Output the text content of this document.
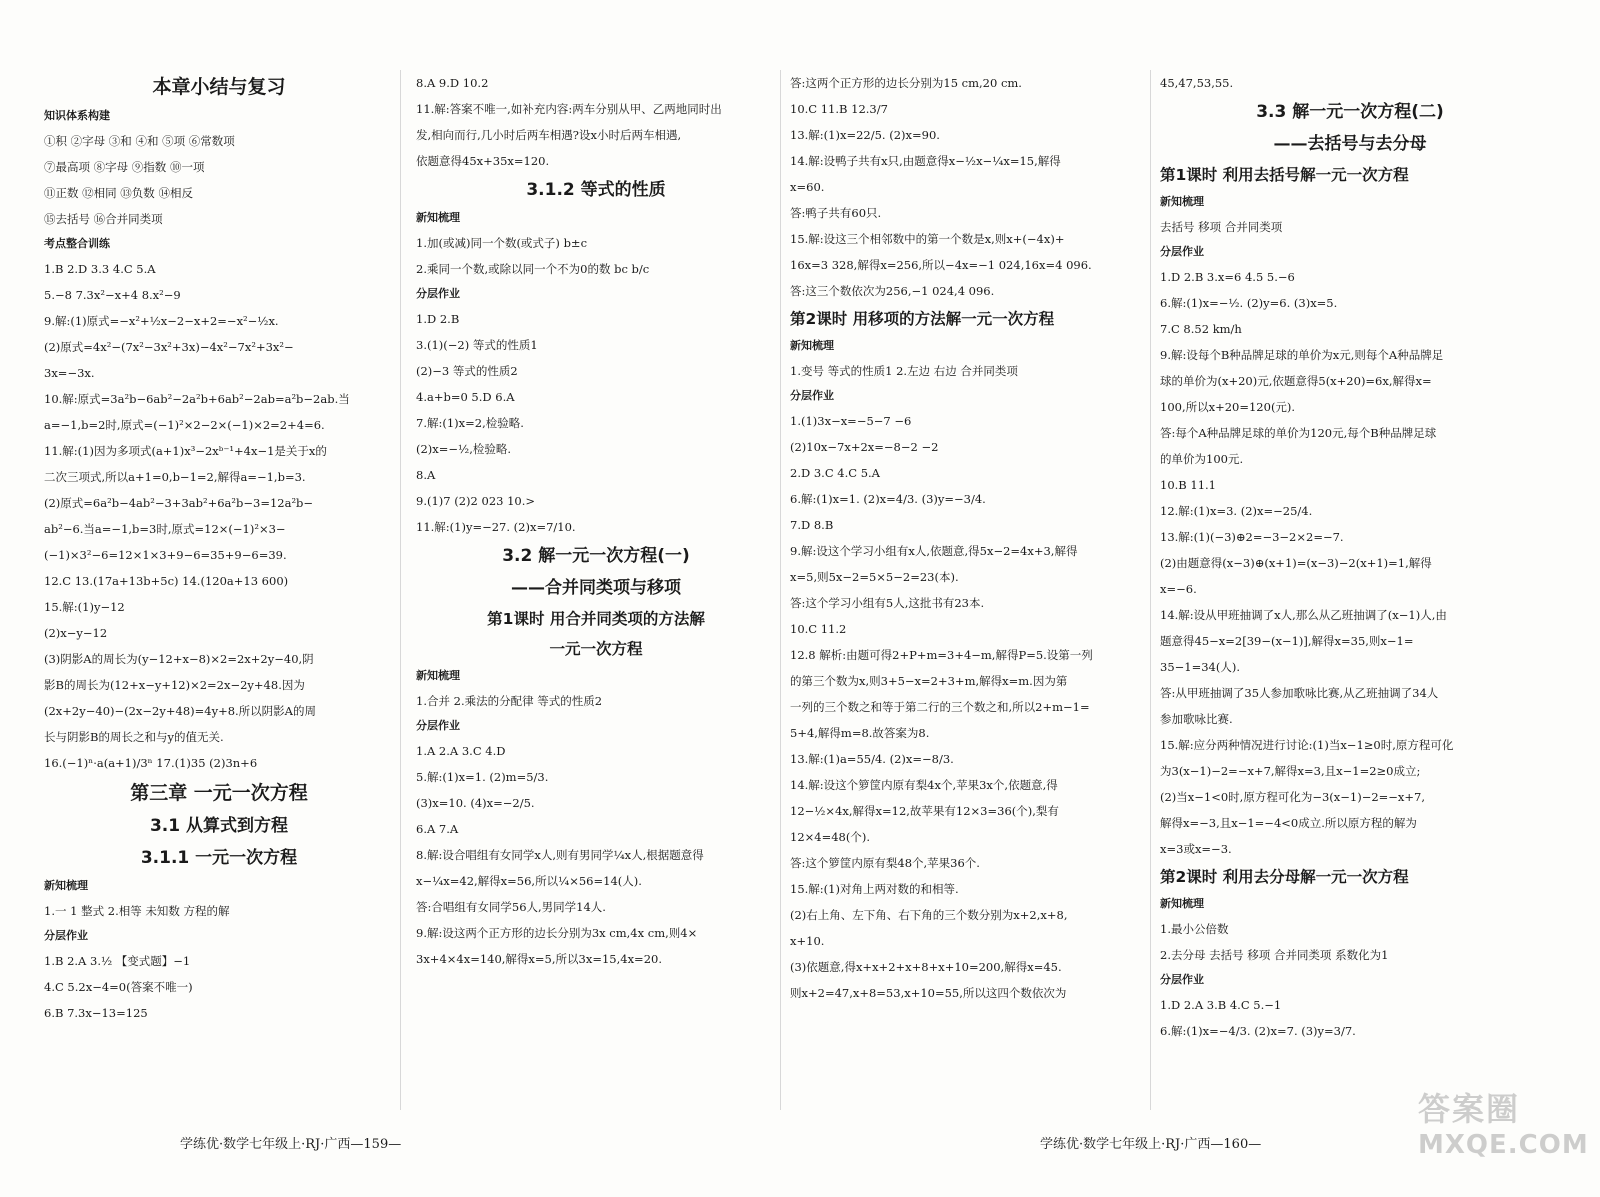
本章小结与复习
知识体系构建
①积 ②字母 ③和 ④和 ⑤项 ⑥常数项
⑦最高项 ⑧字母 ⑨指数 ⑩一项
⑪正数 ⑫相同 ⑬负数 ⑭相反
⑮去括号 ⑯合并同类项
考点整合训练
1.B 2.D 3.3 4.C 5.A
5.−8 7.3x²−x+4 8.x²−9
9.解:(1)原式=−x²+½x−2−x+2=−x²−½x.
(2)原式=4x²−(7x²−3x²+3x)−4x²−7x²+3x²−
3x=−3x.
10.解:原式=3a²b−6ab²−2a²b+6ab²−2ab=a²b−2ab.当
a=−1,b=2时,原式=(−1)²×2−2×(−1)×2=2+4=6.
11.解:(1)因为多项式(a+1)x³−2xᵇ⁻¹+4x−1是关于x的
二次三项式,所以a+1=0,b−1=2,解得a=−1,b=3.
(2)原式=6a²b−4ab²−3+3ab²+6a²b−3=12a²b−
ab²−6.当a=−1,b=3时,原式=12×(−1)²×3−
(−1)×3²−6=12×1×3+9−6=35+9−6=39.
12.C 13.(17a+13b+5c) 14.(120a+13 600)
15.解:(1)y−12
(2)x−y−12
(3)阴影A的周长为(y−12+x−8)×2=2x+2y−40,阴
影B的周长为(12+x−y+12)×2=2x−2y+48.因为
(2x+2y−40)−(2x−2y+48)=4y+8.所以阴影A的周
长与阴影B的周长之和与y的值无关.
16.(−1)ⁿ·a(a+1)/3ⁿ 17.(1)35 (2)3n+6
第三章 一元一次方程
3.1 从算式到方程
3.1.1 一元一次方程
新知梳理
1.一 1 整式 2.相等 未知数 方程的解
分层作业
1.B 2.A 3.½ 【变式题】−1
4.C 5.2x−4=0(答案不唯一)
6.B 7.3x−13=125
8.A 9.D 10.2
11.解:答案不唯一,如补充内容:两车分别从甲、乙两地同时出
发,相向而行,几小时后两车相遇?设x小时后两车相遇,
依题意得45x+35x=120.
3.1.2 等式的性质
新知梳理
1.加(或减)同一个数(或式子) b±c
2.乘同一个数,或除以同一个不为0的数 bc b/c
分层作业
1.D 2.B
3.(1)(−2) 等式的性质1
(2)−3 等式的性质2
4.a+b=0 5.D 6.A
7.解:(1)x=2,检验略.
(2)x=−½,检验略.
8.A
9.(1)7 (2)2 023 10.>
11.解:(1)y=−27. (2)x=7/10.
3.2 解一元一次方程(一)
——合并同类项与移项
第1课时 用合并同类项的方法解
一元一次方程
新知梳理
1.合并 2.乘法的分配律 等式的性质2
分层作业
1.A 2.A 3.C 4.D
5.解:(1)x=1. (2)m=5/3.
(3)x=10. (4)x=−2/5.
6.A 7.A
8.解:设合唱组有女同学x人,则有男同学¼x人,根据题意得
x−¼x=42,解得x=56,所以¼×56=14(人).
答:合唱组有女同学56人,男同学14人.
9.解:设这两个正方形的边长分别为3x cm,4x cm,则4×
3x+4×4x=140,解得x=5,所以3x=15,4x=20.
答:这两个正方形的边长分别为15 cm,20 cm.
10.C 11.B 12.3/7
13.解:(1)x=22/5. (2)x=90.
14.解:设鸭子共有x只,由题意得x−½x−¼x=15,解得
x=60.
答:鸭子共有60只.
15.解:设这三个相邻数中的第一个数是x,则x+(−4x)+
16x=3 328,解得x=256,所以−4x=−1 024,16x=4 096.
答:这三个数依次为256,−1 024,4 096.
第2课时 用移项的方法解一元一次方程
新知梳理
1.变号 等式的性质1 2.左边 右边 合并同类项
分层作业
1.(1)3x−x=−5−7 −6
(2)10x−7x+2x=−8−2 −2
2.D 3.C 4.C 5.A
6.解:(1)x=1. (2)x=4/3. (3)y=−3/4.
7.D 8.B
9.解:设这个学习小组有x人,依题意,得5x−2=4x+3,解得
x=5,则5x−2=5×5−2=23(本).
答:这个学习小组有5人,这批书有23本.
10.C 11.2
12.8 解析:由题可得2+P+m=3+4−m,解得P=5.设第一列
的第三个数为x,则3+5−x=2+3+m,解得x=m.因为第
一列的三个数之和等于第二行的三个数之和,所以2+m−1=
5+4,解得m=8.故答案为8.
13.解:(1)a=55/4. (2)x=−8/3.
14.解:设这个箩筐内原有梨4x个,苹果3x个,依题意,得
12−½×4x,解得x=12,故苹果有12×3=36(个),梨有
12×4=48(个).
答:这个箩筐内原有梨48个,苹果36个.
15.解:(1)对角上两对数的和相等.
(2)右上角、左下角、右下角的三个数分别为x+2,x+8,
x+10.
(3)依题意,得x+x+2+x+8+x+10=200,解得x=45.
则x+2=47,x+8=53,x+10=55,所以这四个数依次为
45,47,53,55.
3.3 解一元一次方程(二)
——去括号与去分母
第1课时 利用去括号解一元一次方程
新知梳理
去括号 移项 合并同类项
分层作业
1.D 2.B 3.x=6 4.5 5.−6
6.解:(1)x=−½. (2)y=6. (3)x=5.
7.C 8.52 km/h
9.解:设每个B种品牌足球的单价为x元,则每个A种品牌足
球的单价为(x+20)元,依题意得5(x+20)=6x,解得x=
100,所以x+20=120(元).
答:每个A种品牌足球的单价为120元,每个B种品牌足球
的单价为100元.
10.B 11.1
12.解:(1)x=3. (2)x=−25/4.
13.解:(1)(−3)⊕2=−3−2×2=−7.
(2)由题意得(x−3)⊕(x+1)=(x−3)−2(x+1)=1,解得
x=−6.
14.解:设从甲班抽调了x人,那么从乙班抽调了(x−1)人,由
题意得45−x=2[39−(x−1)],解得x=35,则x−1=
35−1=34(人).
答:从甲班抽调了35人参加歌咏比赛,从乙班抽调了34人
参加歌咏比赛.
15.解:应分两种情况进行讨论:(1)当x−1≥0时,原方程可化
为3(x−1)−2=−x+7,解得x=3,且x−1=2≥0成立;
(2)当x−1<0时,原方程可化为−3(x−1)−2=−x+7,
解得x=−3,且x−1=−4<0成立.所以原方程的解为
x=3或x=−3.
第2课时 利用去分母解一元一次方程
新知梳理
1.最小公倍数
2.去分母 去括号 移项 合并同类项 系数化为1
分层作业
1.D 2.A 3.B 4.C 5.−1
6.解:(1)x=−4/3. (2)x=7. (3)y=3/7.
学练优·数学七年级上·RJ·广西—159—	学练优·数学七年级上·RJ·广西—160—
答案圈
MXQE.COM
